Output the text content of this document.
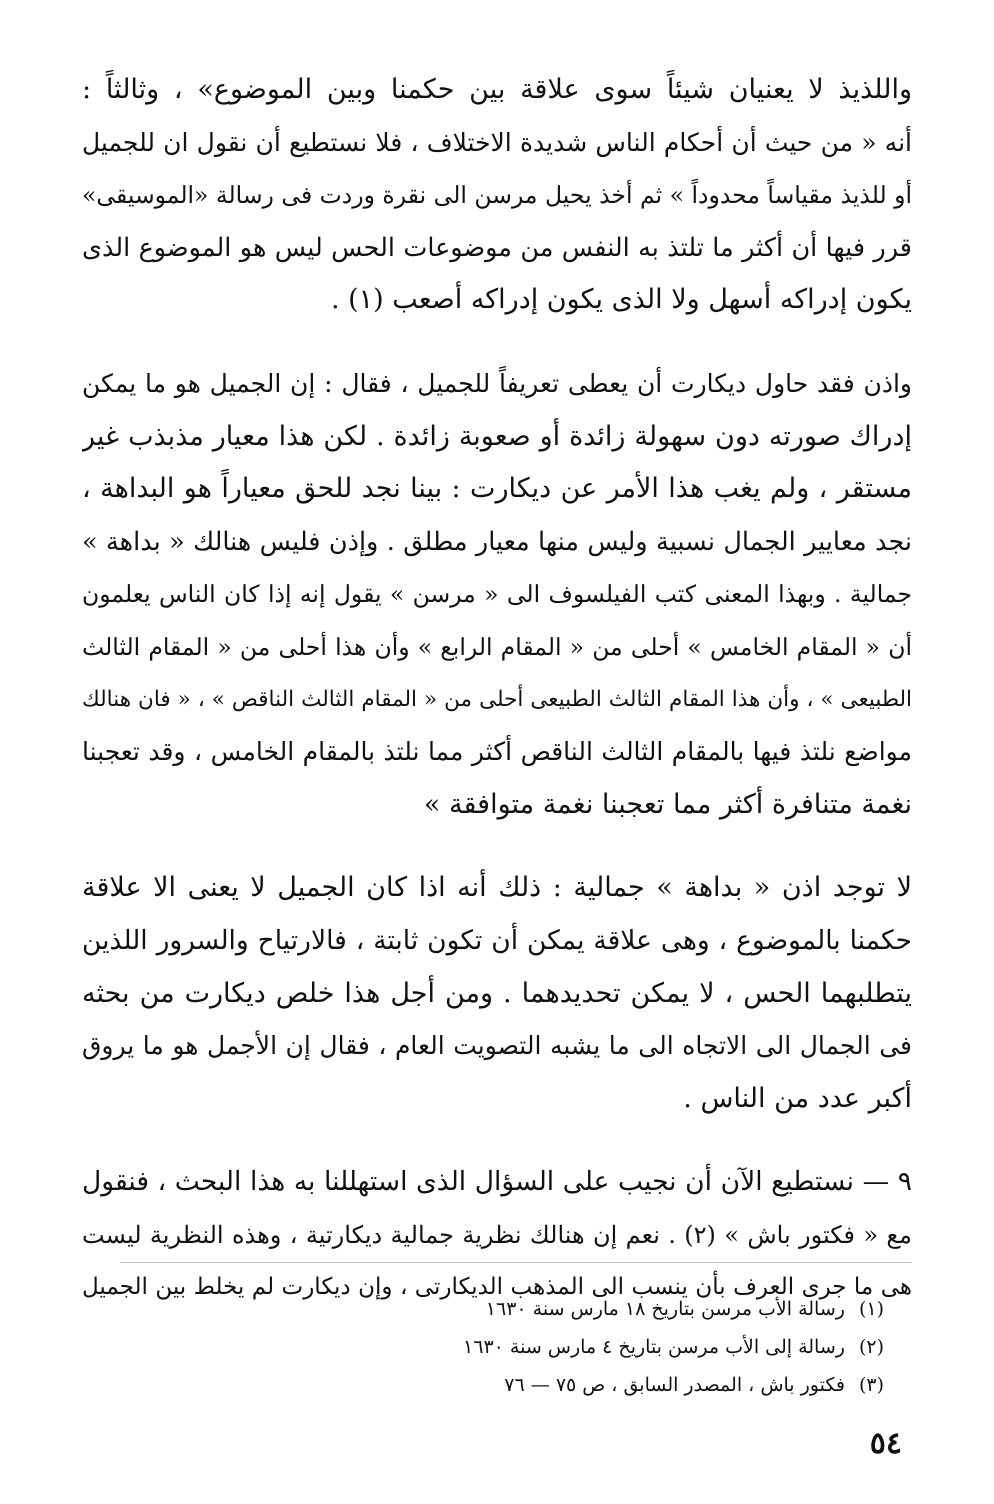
واللذيذ لا يعنيان شيئاً سوى علاقة بين حكمنا وبين الموضوع» ، وثالثاً :
أنه « من حيث أن أحكام الناس شديدة الاختلاف ، فلا نستطيع أن نقول ان للجميل
أو للذيذ مقياساً محدوداً » ثم أخذ يحيل مرسن الى نقرة وردت فى رسالة «الموسيقى»
قرر فيها أن أكثر ما تلتذ به النفس من موضوعات الحس ليس هو الموضوع الذى
يكون إدراكه أسهل ولا الذى يكون إدراكه أصعب (١) .
واذن فقد حاول ديكارت أن يعطى تعريفاً للجميل ، فقال : إن الجميل هو ما يمكن
إدراك صورته دون سهولة زائدة أو صعوبة زائدة . لكن هذا معيار مذبذب غير
مستقر ، ولم يغب هذا الأمر عن ديكارت : بينا نجد للحق معياراً هو البداهة ،
نجد معايير الجمال نسبية وليس منها معيار مطلق . وإذن فليس هنالك « بداهة »
جمالية . وبهذا المعنى كتب الفيلسوف الى « مرسن » يقول إنه إذا كان الناس يعلمون
أن « المقام الخامس » أحلى من « المقام الرابع » وأن هذا أحلى من « المقام الثالث
الطبيعى » ، وأن هذا المقام الثالث الطبيعى أحلى من « المقام الثالث الناقص » ، « فان هنالك
مواضع نلتذ فيها بالمقام الثالث الناقص أكثر مما نلتذ بالمقام الخامس ، وقد تعجبنا
نغمة متنافرة أكثر مما تعجبنا نغمة متوافقة »
لا توجد اذن « بداهة » جمالية : ذلك أنه اذا كان الجميل لا يعنى الا علاقة
حكمنا بالموضوع ، وهى علاقة يمكن أن تكون ثابتة ، فالارتياح والسرور اللذين
يتطلبهما الحس ، لا يمكن تحديدهما . ومن أجل هذا خلص ديكارت من بحثه
فى الجمال الى الاتجاه الى ما يشبه التصويت العام ، فقال إن الأجمل هو ما يروق
أكبر عدد من الناس .
٩ — نستطيع الآن أن نجيب على السؤال الذى استهللنا به هذا البحث ، فنقول
مع « فكتور باش » (٢) . نعم إن هنالك نظرية جمالية ديكارتية ، وهذه النظرية ليست
هى ما جرى العرف بأن ينسب الى المذهب الديكارتى ، وإن ديكارت لم يخلط بين الجميل
(١)رسالة الأب مرسن بتاريخ ١٨ مارس سنة ١٦٣٠
(٢)رسالة إلى الأب مرسن بتاريخ ٤ مارس سنة ١٦٣٠
(٣)فكتور باش ، المصدر السابق ، ص ٧٥ — ٧٦
٥٤
